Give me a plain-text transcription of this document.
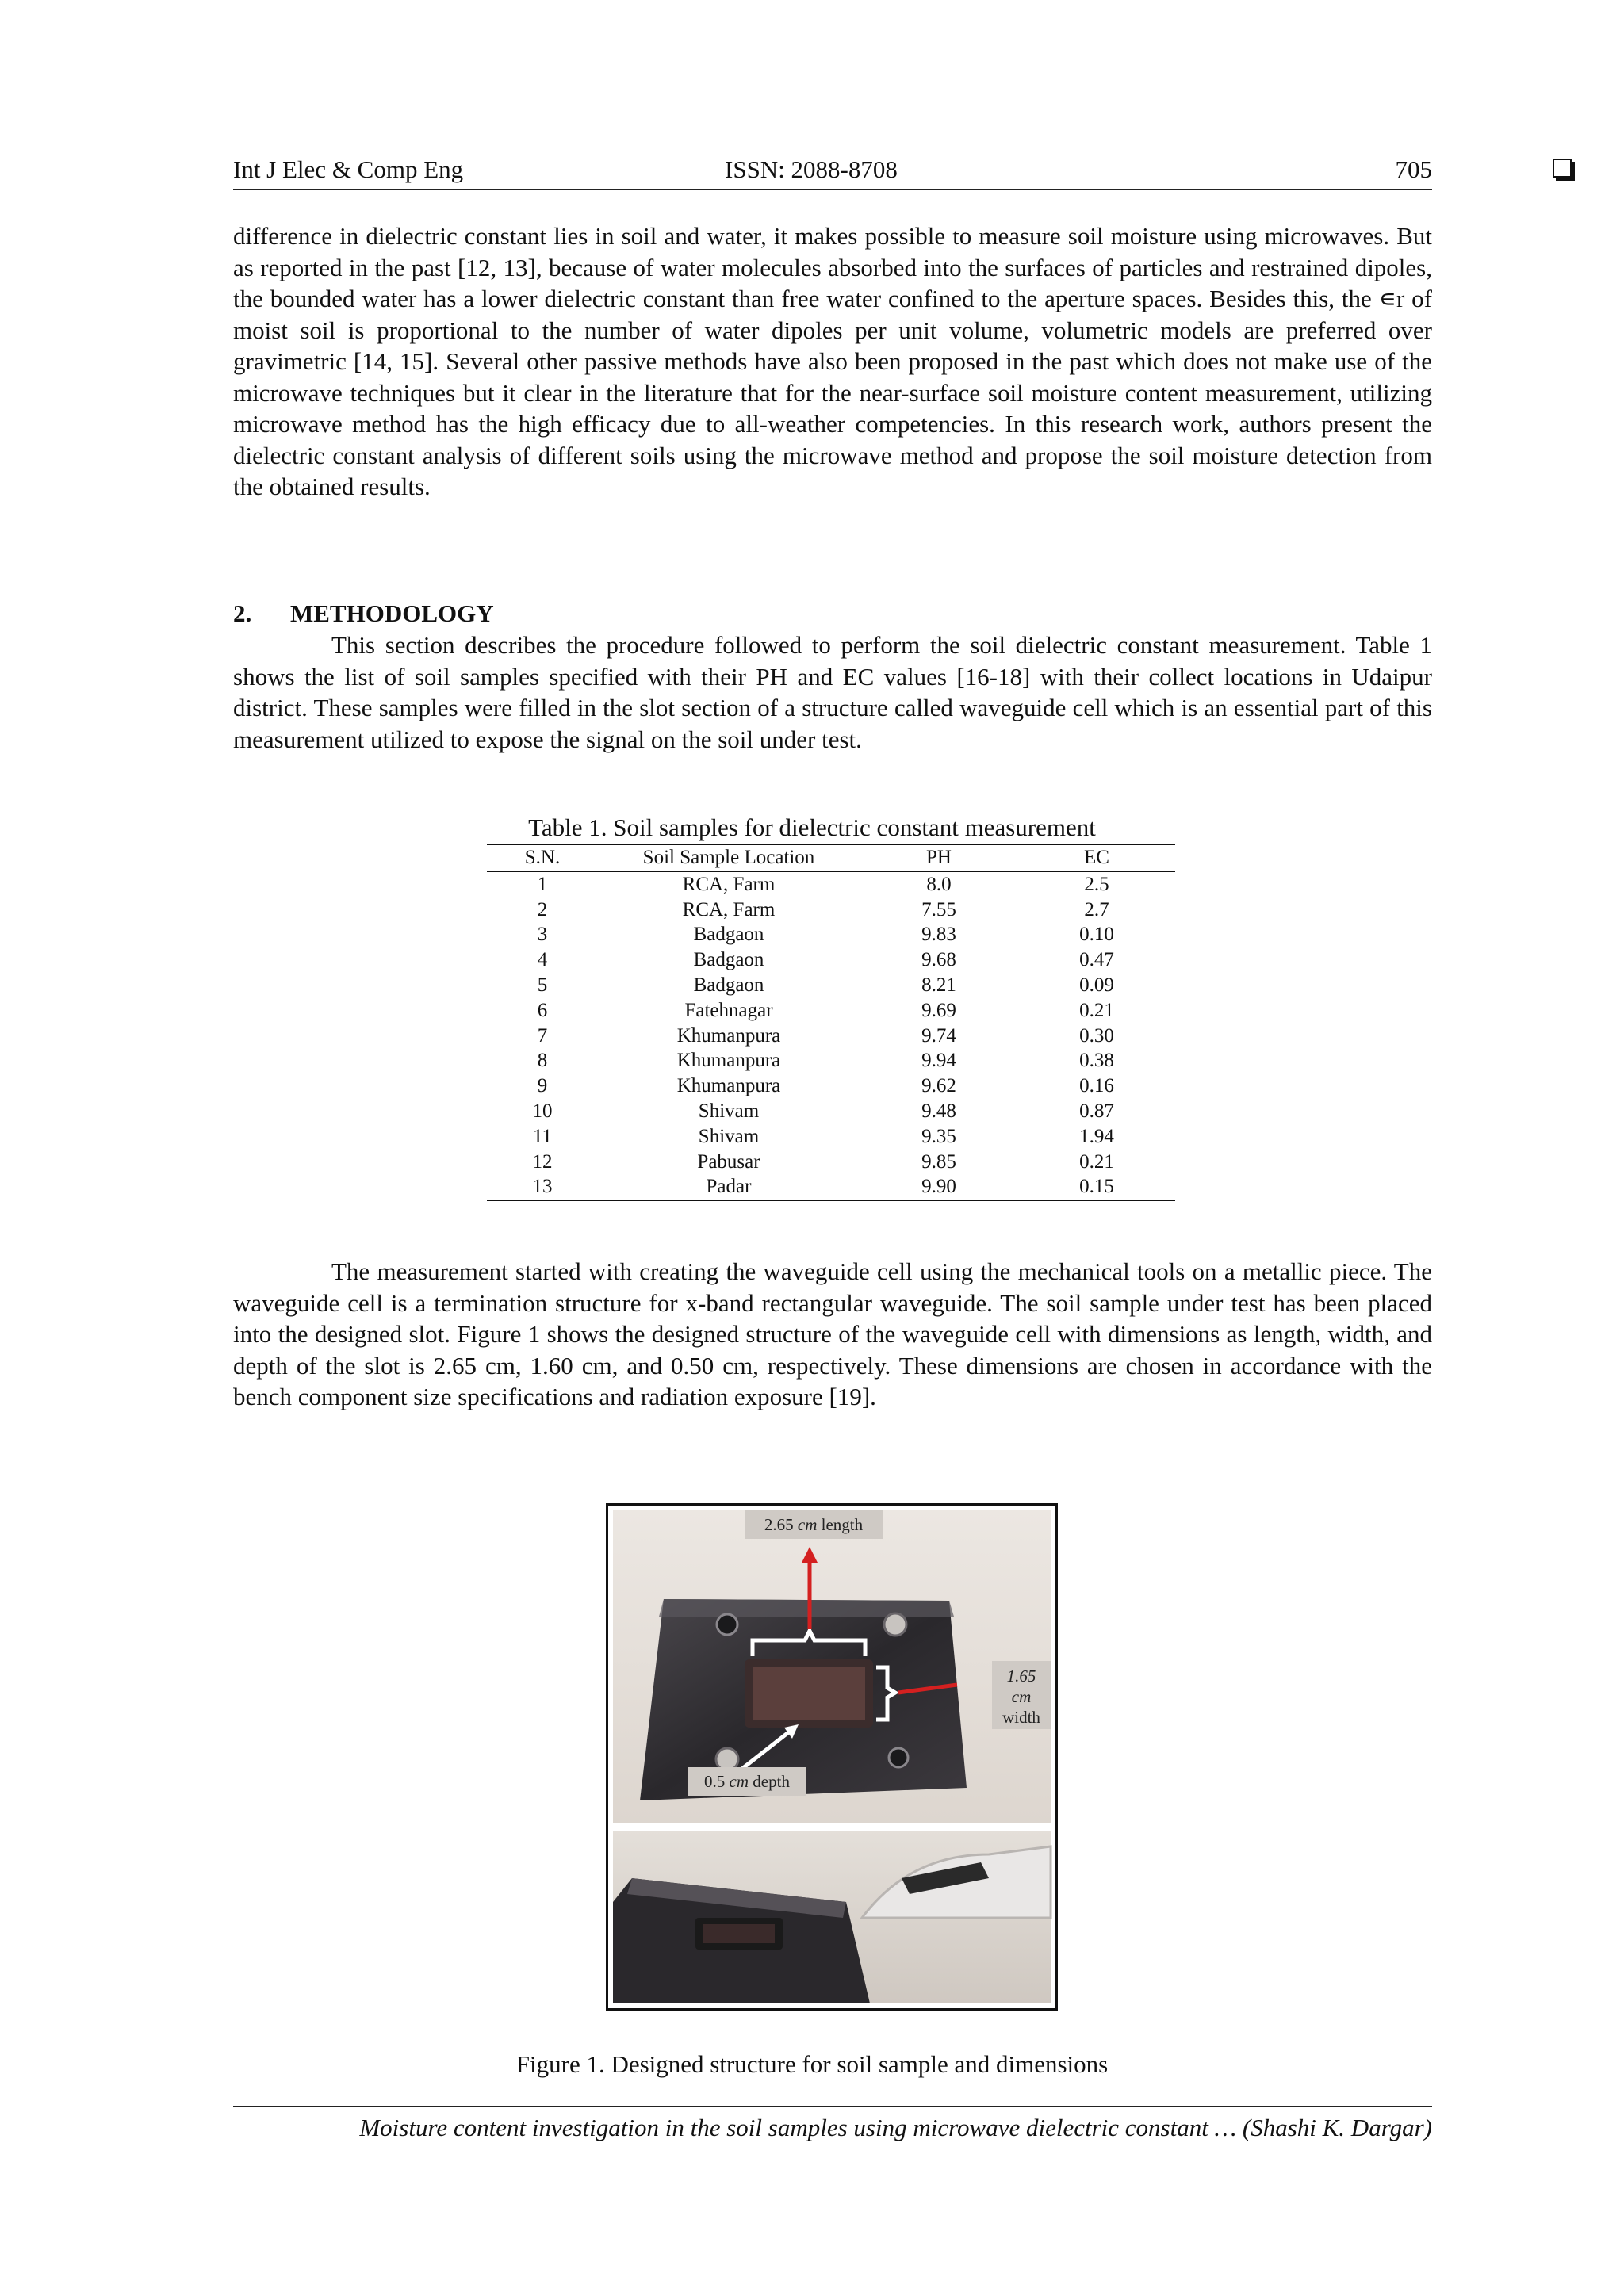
Int J Elec & Comp Eng	ISSN: 2088-8708	705

difference in dielectric constant lies in soil and water, it makes possible to measure soil moisture using microwaves. But as reported in the past [12, 13], because of water molecules absorbed into the surfaces of particles and restrained dipoles, the bounded water has a lower dielectric constant than free water confined to the aperture spaces. Besides this, the ∊r of moist soil is proportional to the number of water dipoles per unit volume, volumetric models are preferred over gravimetric [14, 15]. Several other passive methods have also been proposed in the past which does not make use of the microwave techniques but it clear in the literature that for the near-surface soil moisture content measurement, utilizing microwave method has the high efficacy due to all-weather competencies. In this research work, authors present the dielectric constant analysis of different soils using the microwave method and propose the soil moisture detection from the obtained results.

2. METHODOLOGY

This section describes the procedure followed to perform the soil dielectric constant measurement. Table 1 shows the list of soil samples specified with their PH and EC values [16-18] with their collect locations in Udaipur district. These samples were filled in the slot section of a structure called waveguide cell which is an essential part of this measurement utilized to expose the signal on the soil under test.

Table 1. Soil samples for dielectric constant measurement
S.N.	Soil Sample Location	PH	EC
1	RCA, Farm	8.0	2.5
2	RCA, Farm	7.55	2.7
3	Badgaon	9.83	0.10
4	Badgaon	9.68	0.47
5	Badgaon	8.21	0.09
6	Fatehnagar	9.69	0.21
7	Khumanpura	9.74	0.30
8	Khumanpura	9.94	0.38
9	Khumanpura	9.62	0.16
10	Shivam	9.48	0.87
11	Shivam	9.35	1.94
12	Pabusar	9.85	0.21
13	Padar	9.90	0.15

The measurement started with creating the waveguide cell using the mechanical tools on a metallic piece. The waveguide cell is a termination structure for x-band rectangular waveguide. The soil sample under test has been placed into the designed slot. Figure 1 shows the designed structure of the waveguide cell with dimensions as length, width, and depth of the slot is 2.65 cm, 1.60 cm, and 0.50 cm, respectively. These dimensions are chosen in accordance with the bench component size specifications and radiation exposure [19].

2.65 cm length
1.65
cm
width
0.5 cm depth
Figure 1. Designed structure for soil sample and dimensions
Moisture content investigation in the soil samples using microwave dielectric constant … (Shashi K. Dargar)
